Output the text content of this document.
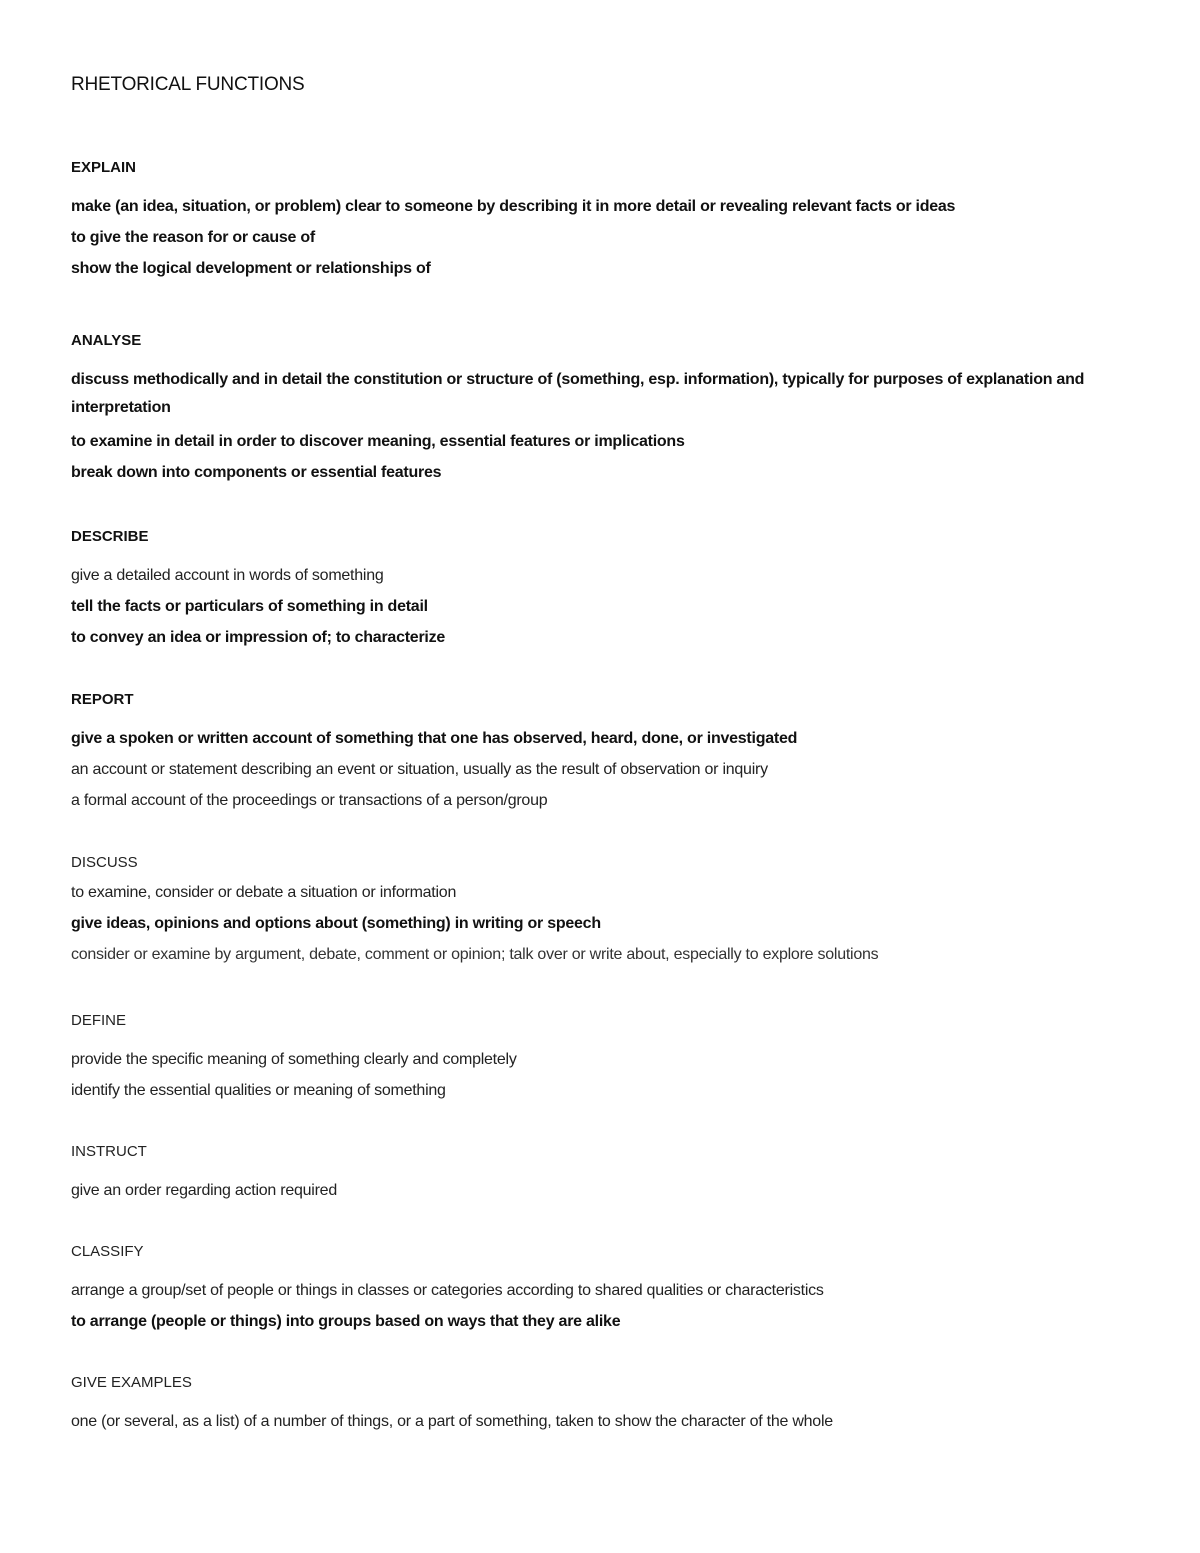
RHETORICAL FUNCTIONS
EXPLAIN

make (an idea, situation, or problem) clear to someone by describing it in more detail or revealing relevant facts or ideas

to give the reason for or cause of

show the logical development or relationships of

ANALYSE

discuss methodically and in detail the constitution or structure of (something, esp. information), typically for purposes of explanation and interpretation

to examine in detail in order to discover meaning, essential features or implications

break down into components or essential features

DESCRIBE

give a detailed account in words of something

tell the facts or particulars of something in detail

to convey an idea or impression of; to characterize

REPORT

give a spoken or written account of something that one has observed, heard, done, or investigated

an account or statement describing an event or situation, usually as the result of observation or inquiry

a formal account of the proceedings or transactions of a person/group

DISCUSS

to examine, consider or debate a situation or information

give ideas, opinions and options about (something) in writing or speech

consider or examine by argument, debate, comment or opinion; talk over or write about, especially to explore solutions

DEFINE

provide the specific meaning of something clearly and completely

identify the essential qualities or meaning of something

INSTRUCT

give an order regarding action required

CLASSIFY

arrange a group/set of people or things in classes or categories according to shared qualities or characteristics

to arrange (people or things) into groups based on ways that they are alike

GIVE EXAMPLES

one (or several, as a list) of a number of things, or a part of something, taken to show the character of the whole
